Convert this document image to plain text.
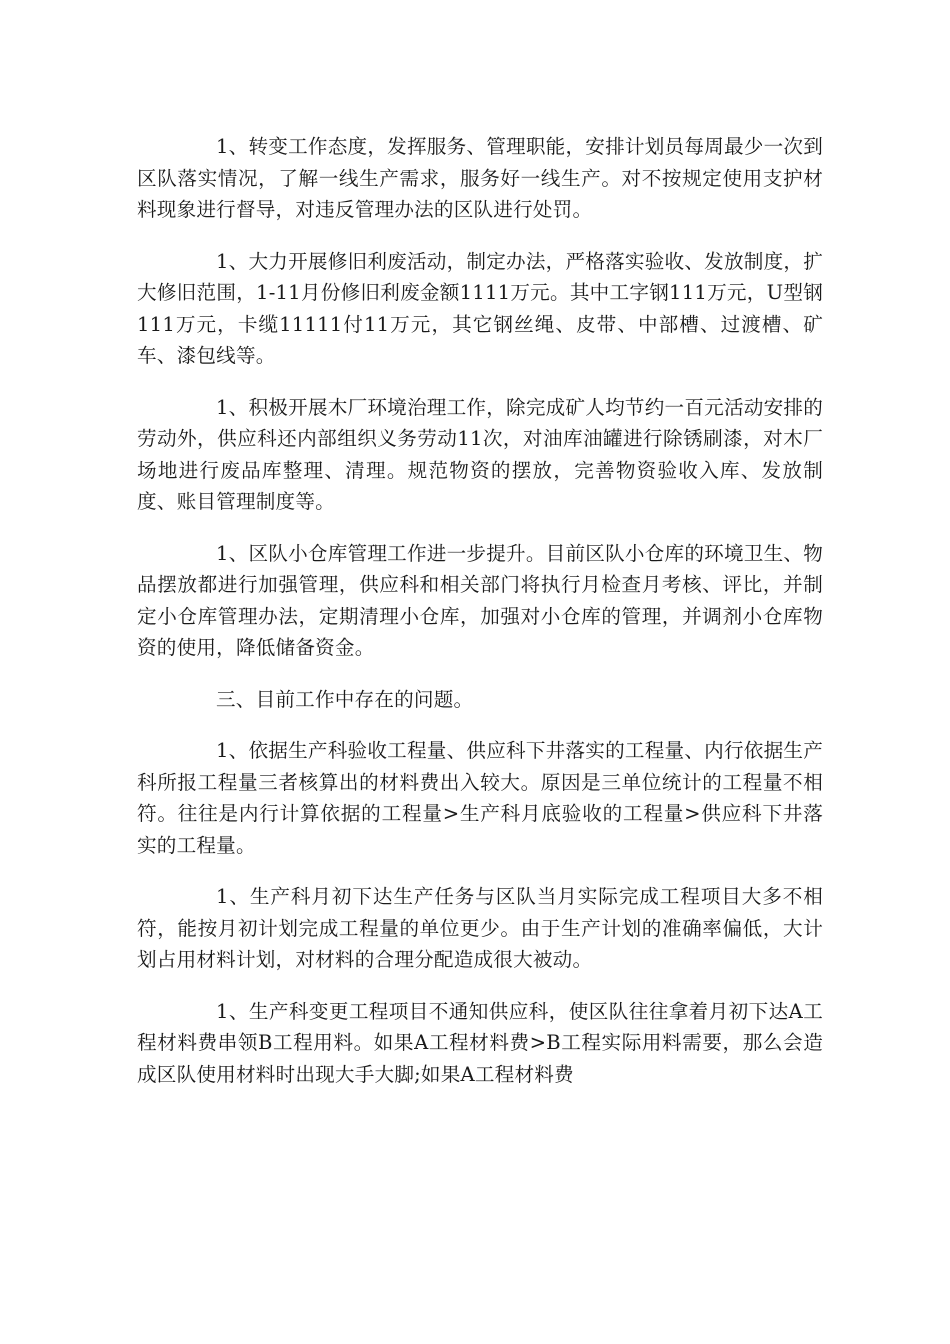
1、转变工作态度，发挥服务、管理职能，安排计划员每周最少一次到区队落实情况，了解一线生产需求，服务好一线生产。对不按规定使用支护材料现象进行督导，对违反管理办法的区队进行处罚。

1、大力开展修旧利废活动，制定办法，严格落实验收、发放制度，扩大修旧范围，1-11月份修旧利废金额1111万元。其中工字钢111万元，U型钢111万元，卡缆11111付11万元，其它钢丝绳、皮带、中部槽、过渡槽、矿车、漆包线等。

1、积极开展木厂环境治理工作，除完成矿人均节约一百元活动安排的劳动外，供应科还内部组织义务劳动11次，对油库油罐进行除锈刷漆，对木厂场地进行废品库整理、清理。规范物资的摆放，完善物资验收入库、发放制度、账目管理制度等。

1、区队小仓库管理工作进一步提升。目前区队小仓库的环境卫生、物品摆放都进行加强管理，供应科和相关部门将执行月检查月考核、评比，并制定小仓库管理办法，定期清理小仓库，加强对小仓库的管理，并调剂小仓库物资的使用，降低储备资金。

三、目前工作中存在的问题。

1、依据生产科验收工程量、供应科下井落实的工程量、内行依据生产科所报工程量三者核算出的材料费出入较大。原因是三单位统计的工程量不相符。往往是内行计算依据的工程量>生产科月底验收的工程量>供应科下井落实的工程量。

1、生产科月初下达生产任务与区队当月实际完成工程项目大多不相符，能按月初计划完成工程量的单位更少。由于生产计划的准确率偏低，大计划占用材料计划，对材料的合理分配造成很大被动。

1、生产科变更工程项目不通知供应科，使区队往往拿着月初下达A工程材料费串领B工程用料。如果A工程材料费>B工程实际用料需要，那么会造成区队使用材料时出现大手大脚;如果A工程材料费
